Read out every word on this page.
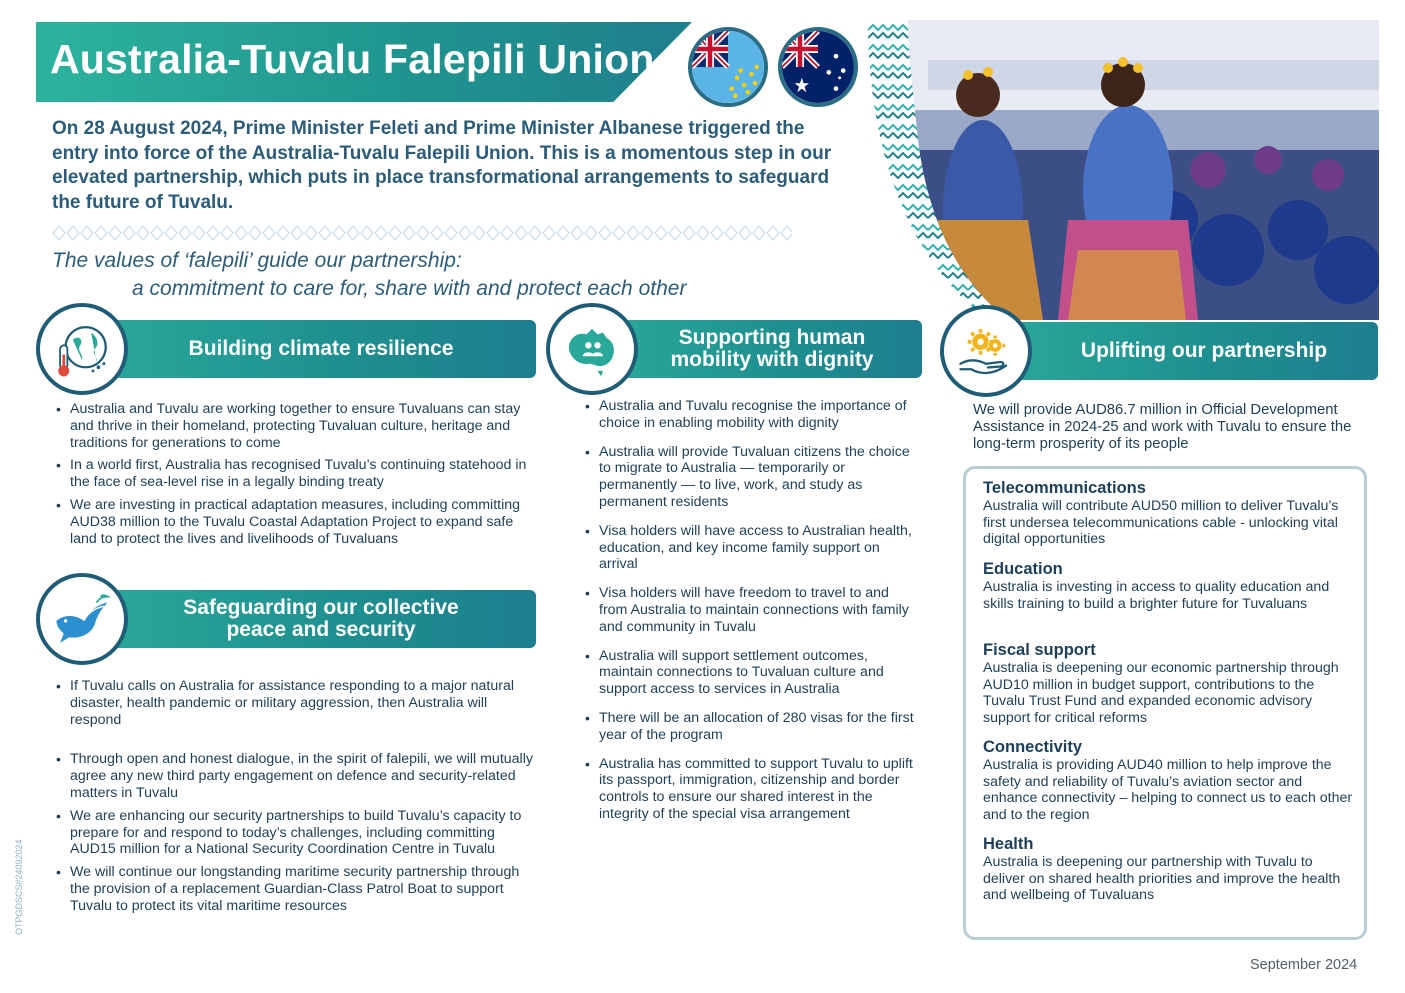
Australia-Tuvalu Falepili Union
On 28 August 2024, Prime Minister Feleti and Prime Minister Albanese triggered the entry into force of the Australia-Tuvalu Falepili Union. This is a momentous step in our elevated partnership, which puts in place transformational arrangements to safeguard the future of Tuvalu.
The values of ‘falepili’ guide our partnership:
a commitment to care for, share with and protect each other
Building climate resilience
• Australia and Tuvalu are working together to ensure Tuvaluans can stay and thrive in their homeland, protecting Tuvaluan culture, heritage and traditions for generations to come
• In a world first, Australia has recognised Tuvalu’s continuing statehood in the face of sea-level rise in a legally binding treaty
• We are investing in practical adaptation measures, including committing AUD38 million to the Tuvalu Coastal Adaptation Project to expand safe land to protect the lives and livelihoods of Tuvaluans
Safeguarding our collective
peace and security
• If Tuvalu calls on Australia for assistance responding to a major natural disaster, health pandemic or military aggression, then Australia will respond
• Through open and honest dialogue, in the spirit of falepili, we will mutually agree any new third party engagement on defence and security-related matters in Tuvalu
• We are enhancing our security partnerships to build Tuvalu’s capacity to prepare for and respond to today’s challenges, including committing AUD15 million for a National Security Coordination Centre in Tuvalu
• We will continue our longstanding maritime security partnership through the provision of a replacement Guardian-Class Patrol Boat to support Tuvalu to protect its vital maritime resources
Supporting human
mobility with dignity
• Australia and Tuvalu recognise the importance of choice in enabling mobility with dignity
• Australia will provide Tuvaluan citizens the choice to migrate to Australia — temporarily or permanently — to live, work, and study as permanent residents
• Visa holders will have access to Australian health, education, and key income family support on arrival
• Visa holders will have freedom to travel to and from Australia to maintain connections with family and community in Tuvalu
• Australia will support settlement outcomes, maintain connections to Tuvaluan culture and support access to services in Australia
• There will be an allocation of 280 visas for the first year of the program
• Australia has committed to support Tuvalu to uplift its passport, immigration, citizenship and border controls to ensure our shared interest in the integrity of the special visa arrangement
Uplifting our partnership
We will provide AUD86.7 million in Official Development Assistance in 2024-25 and work with Tuvalu to ensure the long-term prosperity of its people
Telecommunications

Australia will contribute AUD50 million to deliver Tuvalu’s first undersea telecommunications cable - unlocking vital digital opportunities

Education

Australia is investing in access to quality education and skills training to build a brighter future for Tuvaluans

Fiscal support

Australia is deepening our economic partnership through AUD10 million in budget support, contributions to the Tuvalu Trust Fund and expanded economic advisory support for critical reforms

Connectivity

Australia is providing AUD40 million to help improve the safety and reliability of Tuvalu’s aviation sector and enhance connectivity – helping to connect us to each other and to the region

Health

Australia is deepening our partnership with Tuvalu to deliver on shared health priorities and improve the health and wellbeing of Tuvaluans

September 2024
OTPGDSCS#24092024
